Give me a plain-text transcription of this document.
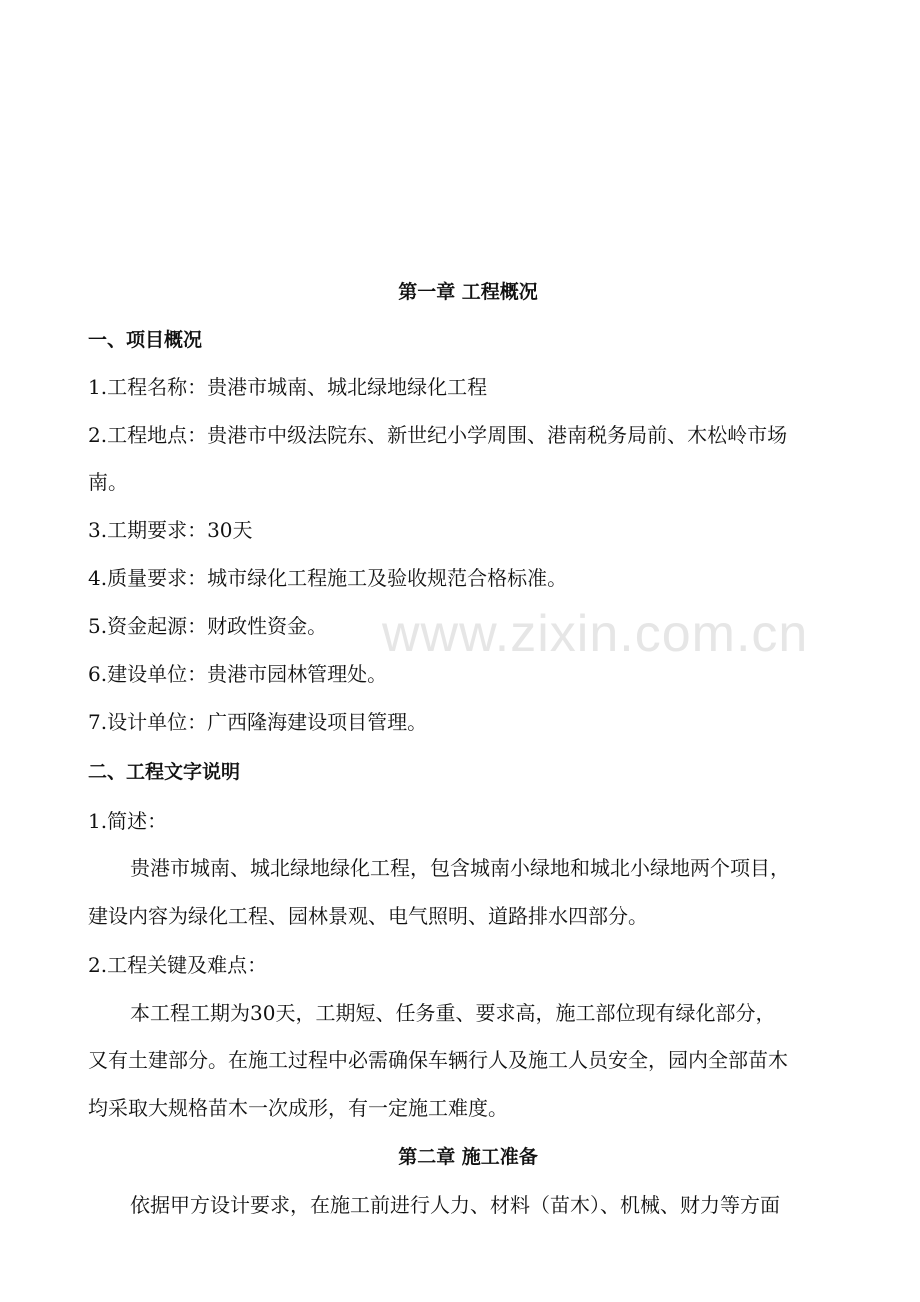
www.zixin.com.cn
第一章 工程概况
一、项目概况
1.工程名称：贵港市城南、城北绿地绿化工程
2.工程地点：贵港市中级法院东、新世纪小学周围、港南税务局前、木松岭市场
南。
3.工期要求：30天
4.质量要求：城市绿化工程施工及验收规范合格标准。
5.资金起源：财政性资金。
6.建设单位：贵港市园林管理处。
7.设计单位：广西隆海建设项目管理。
二、工程文字说明
1.简述：
贵港市城南、城北绿地绿化工程，包含城南小绿地和城北小绿地两个项目，
建设内容为绿化工程、园林景观、电气照明、道路排水四部分。
2.工程关键及难点：
本工程工期为30天，工期短、任务重、要求高，施工部位现有绿化部分，
又有土建部分。在施工过程中必需确保车辆行人及施工人员安全，园内全部苗木
均采取大规格苗木一次成形，有一定施工难度。
第二章 施工准备
依据甲方设计要求，在施工前进行人力、材料（苗木）、机械、财力等方面
